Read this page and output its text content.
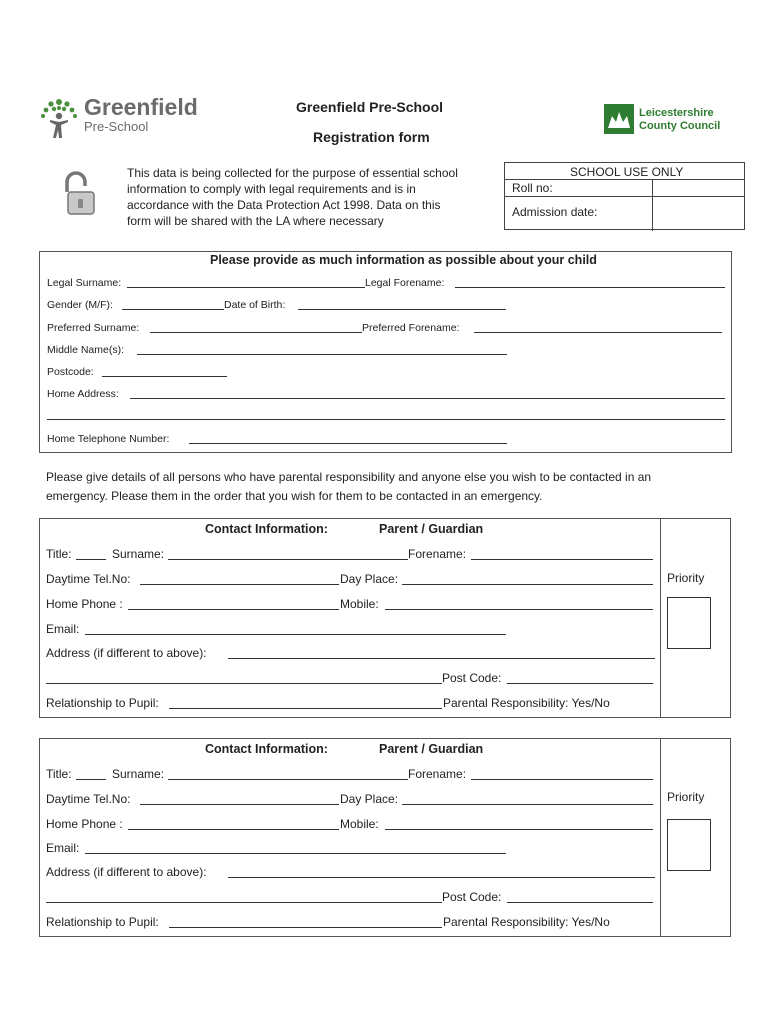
Greenfield
Pre-School
Greenfield Pre-School
Registration form
Leicestershire
County Council
This data is being collected for the purpose of essential school
information to comply with legal requirements and is in
accordance with the Data Protection Act 1998. Data on this
form will be shared with the LA where necessary
SCHOOL USE ONLY
Roll no:
Admission date:
Please provide as much information as possible about your child
Legal Surname:	Legal Forename:
Gender (M/F):	Date of Birth:
Preferred Surname:	Preferred Forename:
Middle Name(s):
Postcode:
Home Address:
Home Telephone Number:
Please give details of all persons who have parental responsibility and anyone else you wish to be contacted in an
emergency. Please them in the order that you wish for them to be contacted in an emergency.
Contact Information:	Parent / Guardian
Title:	Surname:	Forename:
Daytime Tel.No:	Day Place:
Home Phone :	Mobile:
Email:
Address (if different to above):
Post Code:
Relationship to Pupil:	Parental Responsibility: Yes/No
Priority
Contact Information:	Parent / Guardian
Title:	Surname:	Forename:
Daytime Tel.No:	Day Place:
Home Phone :	Mobile:
Email:
Address (if different to above):
Post Code:
Relationship to Pupil:	Parental Responsibility: Yes/No
Priority
